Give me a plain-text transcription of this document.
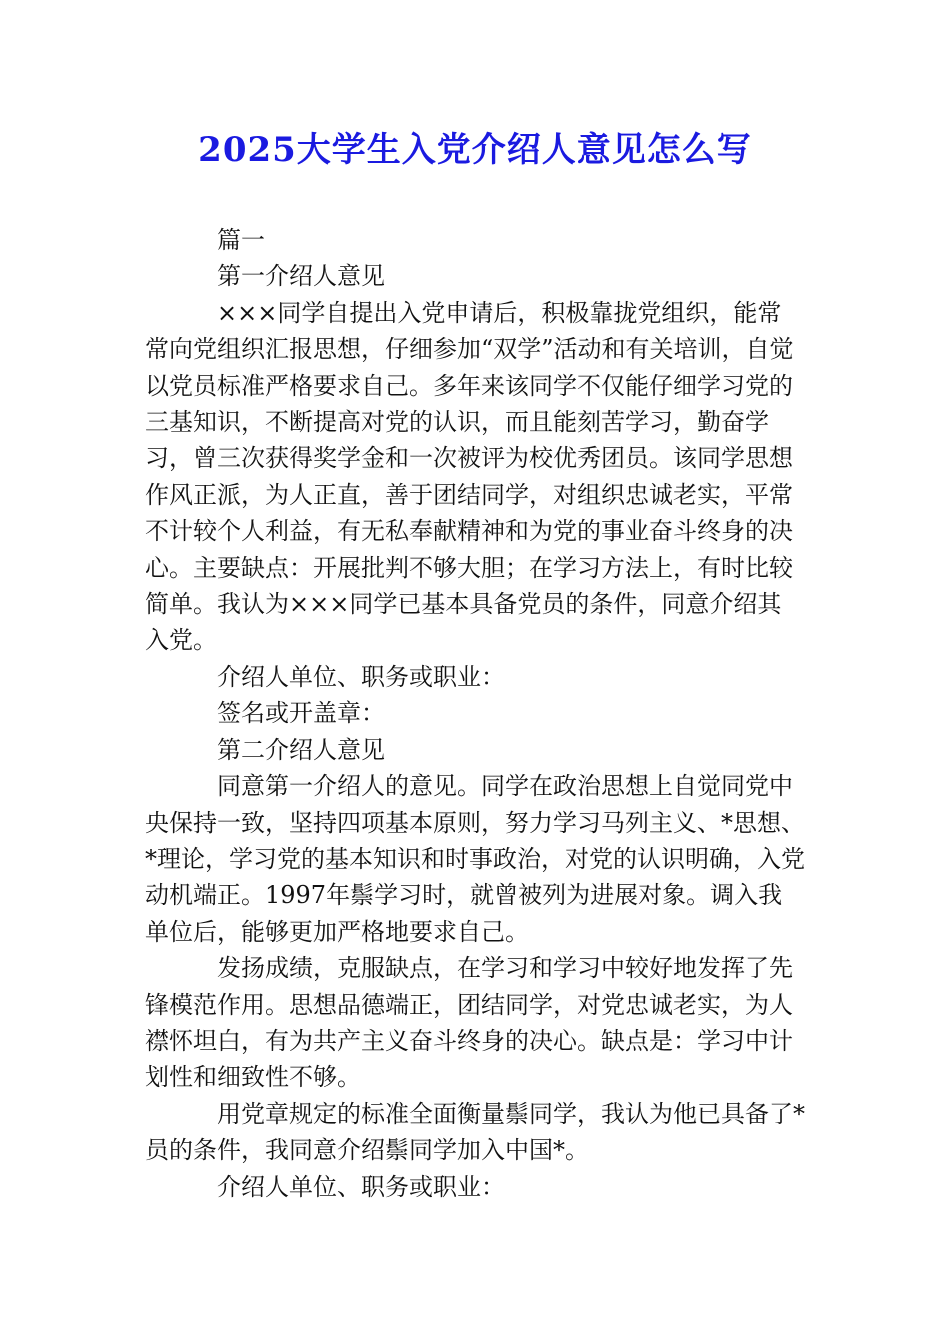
2025大学生入党介绍人意见怎么写

篇一

第一介绍人意见

×××同学自提出入党申请后，积极靠拢党组织，能常常向党组织汇报思想，仔细参加“双学”活动和有关培训，自觉以党员标准严格要求自己。多年来该同学不仅能仔细学习党的三基知识，不断提高对党的认识，而且能刻苦学习，勤奋学习，曾三次获得奖学金和一次被评为校优秀团员。该同学思想作风正派，为人正直，善于团结同学，对组织忠诚老实，平常不计较个人利益，有无私奉献精神和为党的事业奋斗终身的决心。主要缺点：开展批判不够大胆；在学习方法上，有时比较简单。我认为×××同学已基本具备党员的条件，同意介绍其入党。

介绍人单位、职务或职业：

签名或开盖章：

第二介绍人意见

同意第一介绍人的意见。同学在政治思想上自觉同党中央保持一致，坚持四项基本原则，努力学习马列主义、*思想、*理论，学习党的基本知识和时事政治，对党的认识明确，入党动机端正。1997年鬃学习时，就曾被列为进展对象。调入我单位后，能够更加严格地要求自己。

发扬成绩，克服缺点，在学习和学习中较好地发挥了先锋模范作用。思想品德端正，团结同学，对党忠诚老实，为人襟怀坦白，有为共产主义奋斗终身的决心。缺点是：学习中计划性和细致性不够。

用党章规定的标准全面衡量鬃同学，我认为他已具备了*员的条件，我同意介绍鬃同学加入中国*。

介绍人单位、职务或职业：
